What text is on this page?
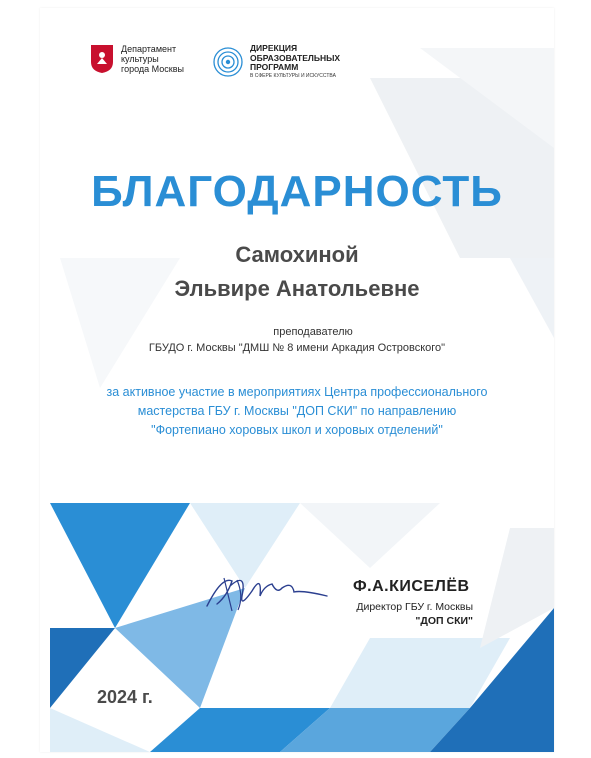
Департамент
культуры
города Москвы
ДИРЕКЦИЯ
ОБРАЗОВАТЕЛЬНЫХ
ПРОГРАММ
В СФЕРЕ КУЛЬТУРЫ И ИСКУССТВА
БЛАГОДАРНОСТЬ
Самохиной
Эльвире Анатольевне
преподавателю
ГБУДО г. Москвы "ДМШ № 8 имени Аркадия Островского"
за активное участие в мероприятиях Центра профессионального
мастерства ГБУ г. Москвы "ДОП СКИ" по направлению
"Фортепиано хоровых школ и хоровых отделений"
Ф.А.КИСЕЛЁВ
Директор ГБУ г. Москвы
"ДОП СКИ"
2024 г.
